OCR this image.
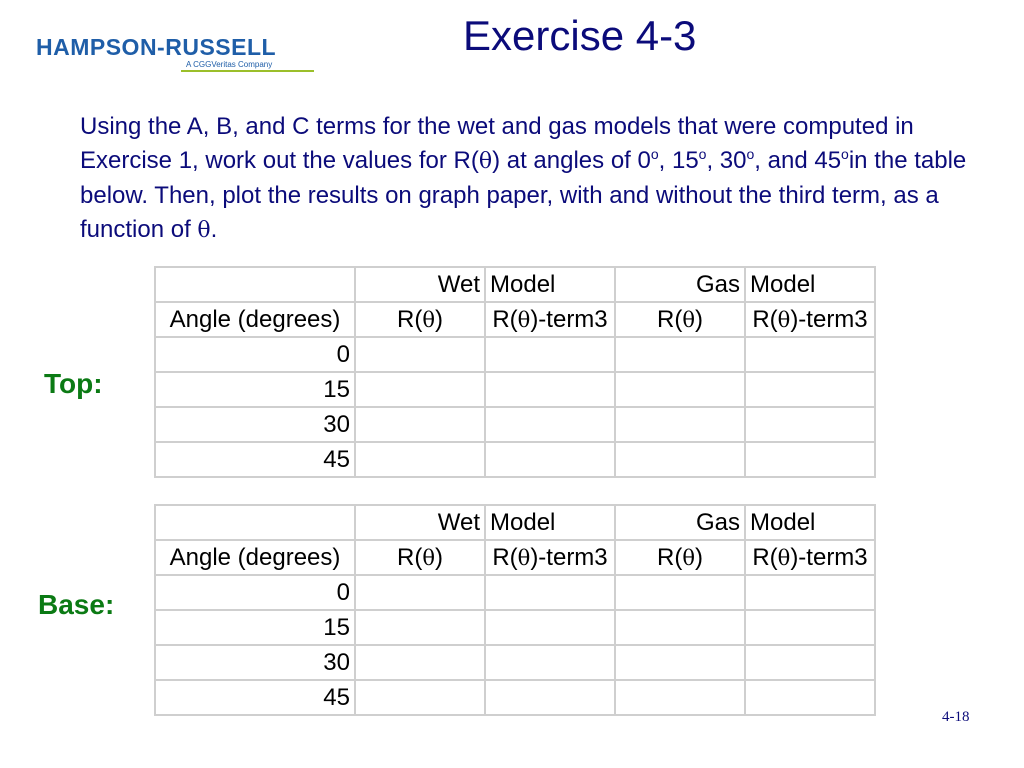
HAMPSON-RUSSELL
A CGGVeritas Company
Exercise 4-3
Using the A, B, and C terms for the wet and gas models that were computed in Exercise 1, work out the values for R(θ) at angles of 0$^o$, 15$^o$, 30$^o$, and 45$^o$in the table below. Then, plot the results on graph paper, with and without the third term, as a function of θ.
Top:
Base:
	Wet	Model	Gas	Model
Angle (degrees)	R(θ)	R(θ)-term3	R(θ)	R(θ)-term3
0				
15				
30				
45				
	Wet	Model	Gas	Model
Angle (degrees)	R(θ)	R(θ)-term3	R(θ)	R(θ)-term3
0				
15				
30				
45				
4-18
